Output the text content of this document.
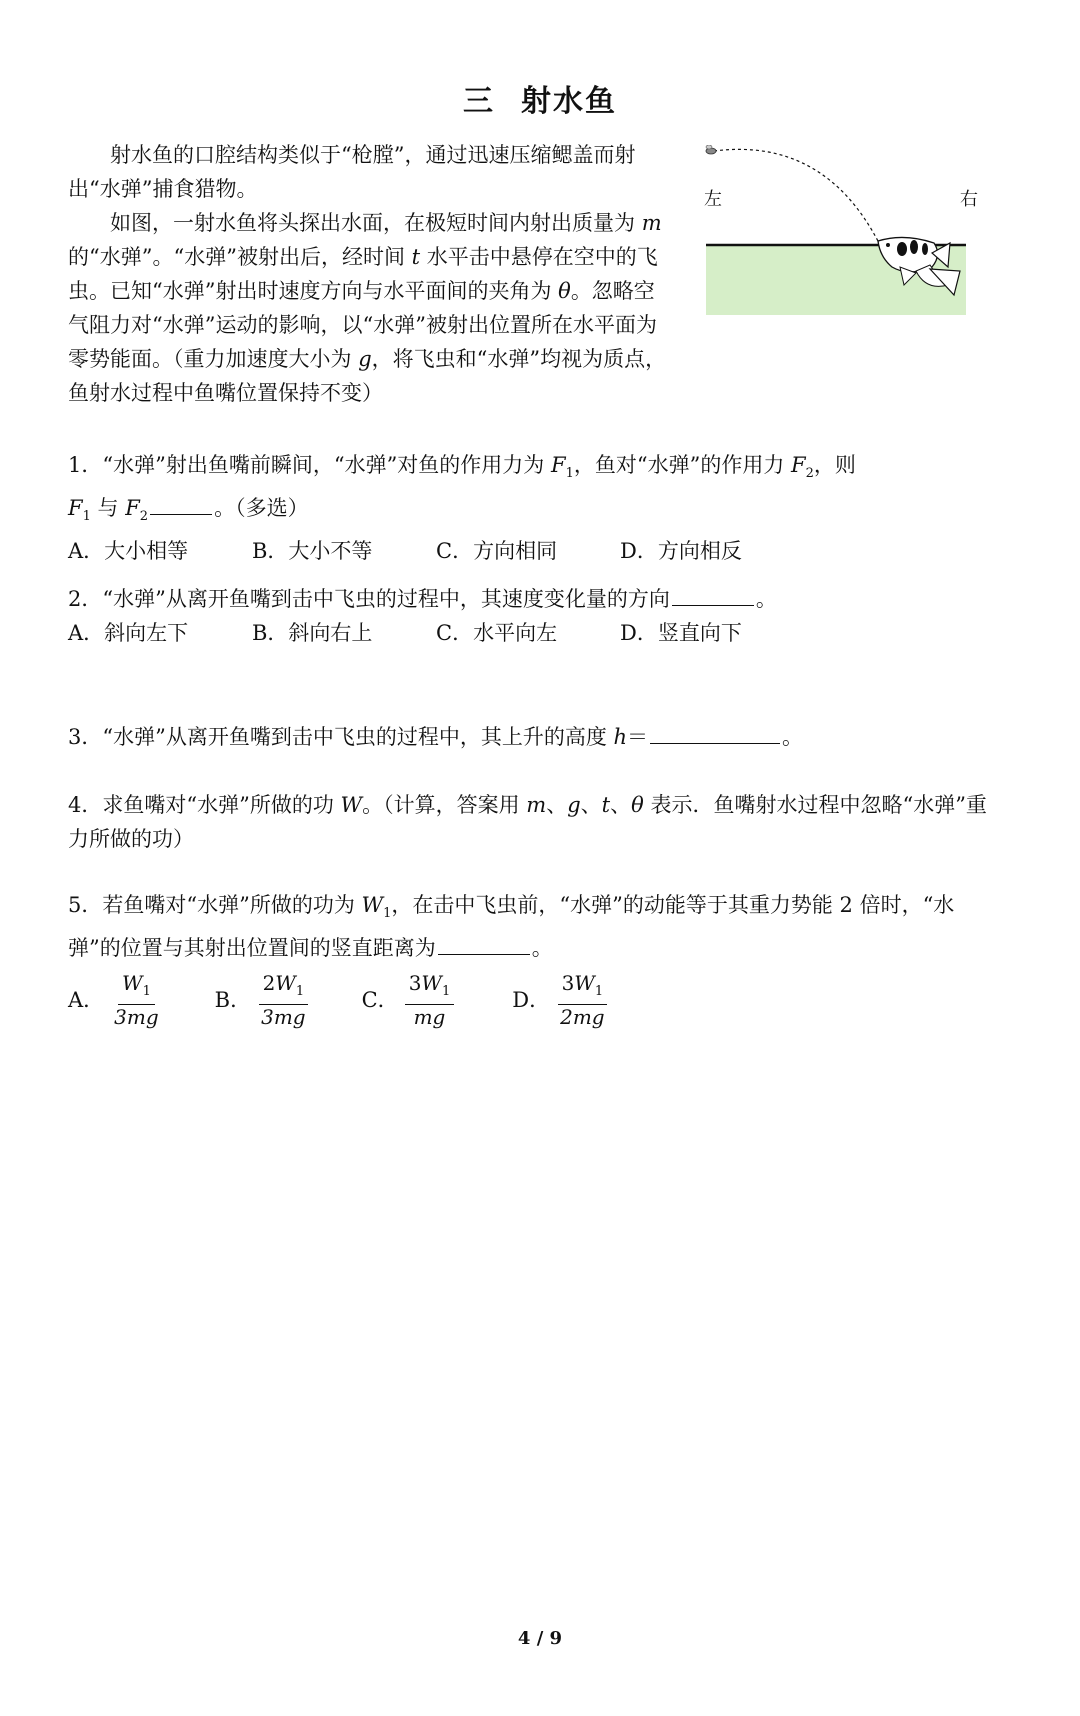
三 射水鱼
左	右

射水鱼的口腔结构类似于“枪膛”，通过迅速压缩鳃盖而射出“水弹”捕食猎物。

如图，一射水鱼将头探出水面，在极短时间内射出质量为 m 的“水弹”。“水弹”被射出后，经时间 t 水平击中悬停在空中的飞虫。已知“水弹”射出时速度方向与水平面间的夹角为 θ。忽略空气阻力对“水弹”运动的影响，以“水弹”被射出位置所在水平面为零势能面。（重力加速度大小为 g，将飞虫和“水弹”均视为质点，鱼射水过程中鱼嘴位置保持不变）

1．“水弹”射出鱼嘴前瞬间，“水弹”对鱼的作用力为 $F_1$，鱼对“水弹”的作用力 $F_2$，则
$F_1$ 与 $F_2$	。（多选）
A．大小相等	B．大小不等	C．方向相同	D．方向相反
2．“水弹”从离开鱼嘴到击中飞虫的过程中，其速度变化量的方向	。
A．斜向左下	B．斜向右上	C．水平向左	D．竖直向下
3．“水弹”从离开鱼嘴到击中飞虫的过程中，其上升的高度 h＝	。
4．求鱼嘴对“水弹”所做的功 W。（计算，答案用 m、g、t、θ 表示．鱼嘴射水过程中忽略“水弹”重力所做的功）
5．若鱼嘴对“水弹”所做的功为 $W_1$，在击中飞虫前，“水弹”的动能等于其重力势能 2 倍时，“水弹”的位置与其射出位置间的竖直距离为	。
A． $\frac{W_1}{3mg}$ B． $\frac{2W_1}{3mg}$ C． $\frac{3W_1}{mg}$	D． $\frac{3W_1}{2mg}$
4 / 9
